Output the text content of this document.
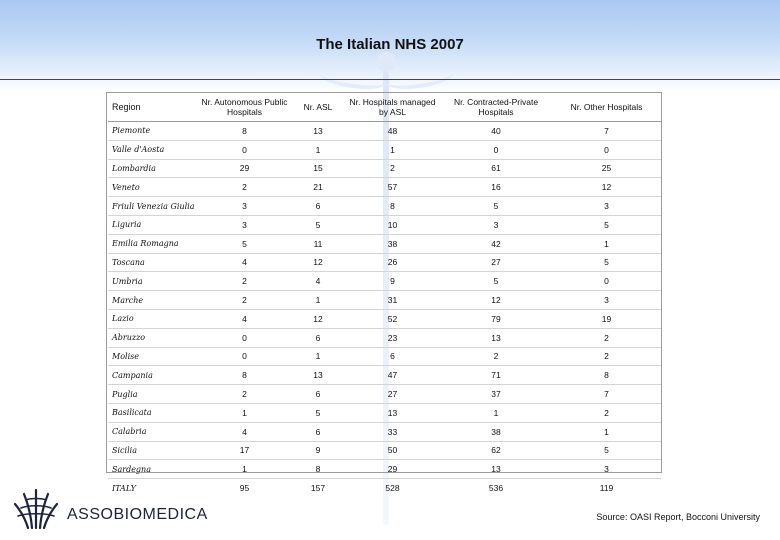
The Italian NHS 2007
Region	Nr. Autonomous Public Hospitals	Nr. ASL	Nr. Hospitals managed by ASL	Nr. Contracted-Private Hospitals	Nr. Other Hospitals
Piemonte	8	13	48	40	7
Valle d'Aosta	0	1	1	0	0
Lombardia	29	15	2	61	25
Veneto	2	21	57	16	12
Friuli Venezia Giulia	3	6	8	5	3
Liguria	3	5	10	3	5
Emilia Romagna	5	11	38	42	1
Toscana	4	12	26	27	5
Umbria	2	4	9	5	0
Marche	2	1	31	12	3
Lazio	4	12	52	79	19
Abruzzo	0	6	23	13	2
Molise	0	1	6	2	2
Campania	8	13	47	71	8
Puglia	2	6	27	37	7
Basilicata	1	5	13	1	2
Calabria	4	6	33	38	1
Sicilia	17	9	50	62	5
Sardegna	1	8	29	13	3
ITALY	95	157	528	536	119
ASSOBIOMEDICA	Source: OASI Report, Bocconi University
